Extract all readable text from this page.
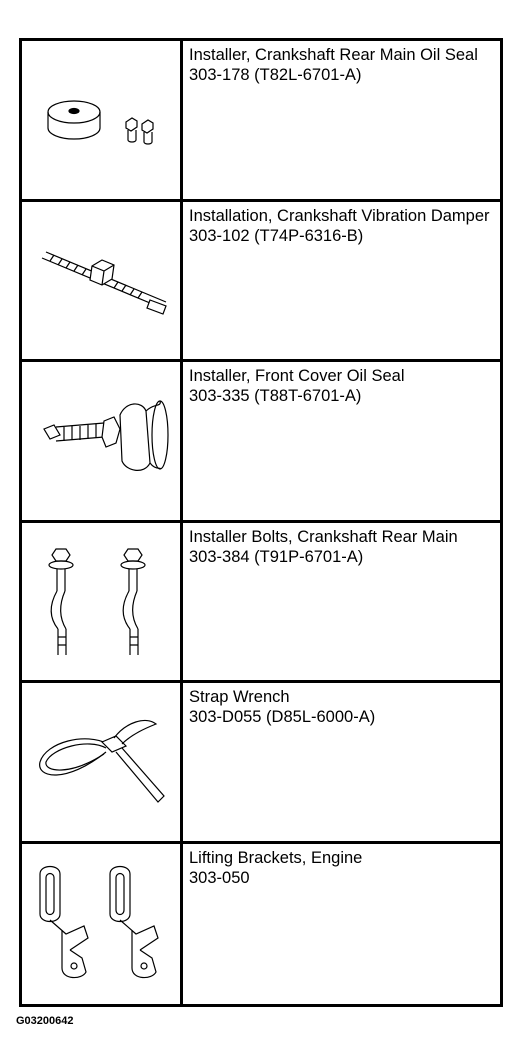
Installer, Crankshaft Rear Main Oil Seal
303-178 (T82L-6701-A)
Installation, Crankshaft Vibration Damper
303-102 (T74P-6316-B)
Installer, Front Cover Oil Seal
303-335 (T88T-6701-A)
Installer Bolts, Crankshaft Rear Main
303-384 (T91P-6701-A)
Strap Wrench
303-D055 (D85L-6000-A)
Lifting Brackets, Engine
303-050
G03200642
